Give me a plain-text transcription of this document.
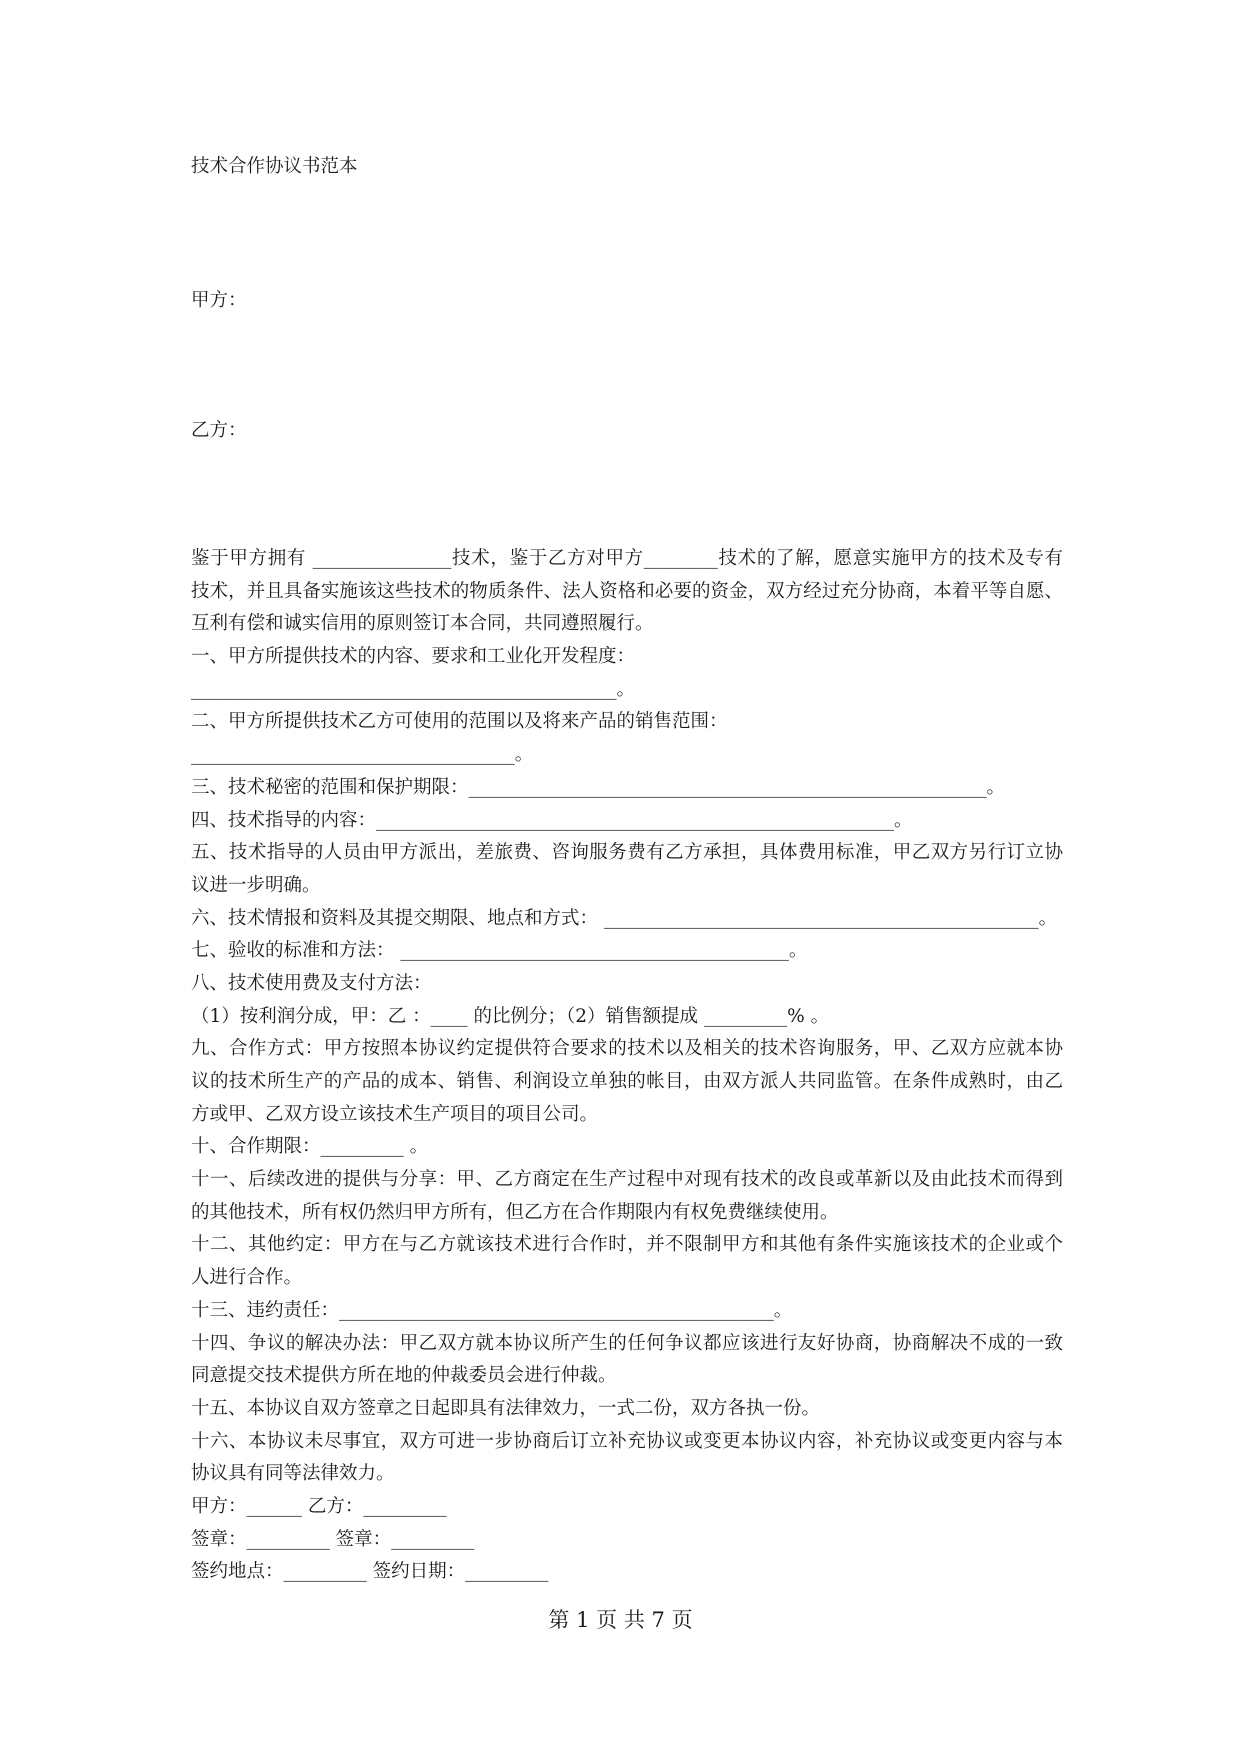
技术合作协议书范本
甲方：
乙方：
鉴于甲方拥有 _______________技术，鉴于乙方对甲方________技术的了解，愿意实施甲方的技术及专有
技术，并且具备实施该这些技术的物质条件、法人资格和必要的资金，双方经过充分协商，本着平等自愿、
互利有偿和诚实信用的原则签订本合同，共同遵照履行。
一、甲方所提供技术的内容、要求和工业化开发程度：
______________________________________________。
二、甲方所提供技术乙方可使用的范围以及将来产品的销售范围：
___________________________________。
三、技术秘密的范围和保护期限：________________________________________________________。
四、技术指导的内容：________________________________________________________。
五、技术指导的人员由甲方派出，差旅费、咨询服务费有乙方承担，具体费用标准，甲乙双方另行订立协
议进一步明确。
六、技术情报和资料及其提交期限、地点和方式： _______________________________________________。
七、验收的标准和方法： __________________________________________。
八、技术使用费及支付方法：
（1）按利润分成，甲：乙 ：____ 的比例分；（2）销售额提成 _________% 。
九、合作方式：甲方按照本协议约定提供符合要求的技术以及相关的技术咨询服务，甲、乙双方应就本协
议的技术所生产的产品的成本、销售、利润设立单独的帐目，由双方派人共同监管。在条件成熟时，由乙
方或甲、乙双方设立该技术生产项目的项目公司。
十、合作期限：_________ 。
十一、后续改进的提供与分享：甲、乙方商定在生产过程中对现有技术的改良或革新以及由此技术而得到
的其他技术，所有权仍然归甲方所有，但乙方在合作期限内有权免费继续使用。
十二、其他约定：甲方在与乙方就该技术进行合作时，并不限制甲方和其他有条件实施该技术的企业或个
人进行合作。
十三、违约责任：_______________________________________________。
十四、争议的解决办法：甲乙双方就本协议所产生的任何争议都应该进行友好协商，协商解决不成的一致
同意提交技术提供方所在地的仲裁委员会进行仲裁。
十五、本协议自双方签章之日起即具有法律效力，一式二份，双方各执一份。
十六、本协议未尽事宜，双方可进一步协商后订立补充协议或变更本协议内容，补充协议或变更内容与本
协议具有同等法律效力。
甲方：______ 乙方：_________
签章：_________ 签章：_________
签约地点：_________ 签约日期：_________
第 1 页 共 7 页
